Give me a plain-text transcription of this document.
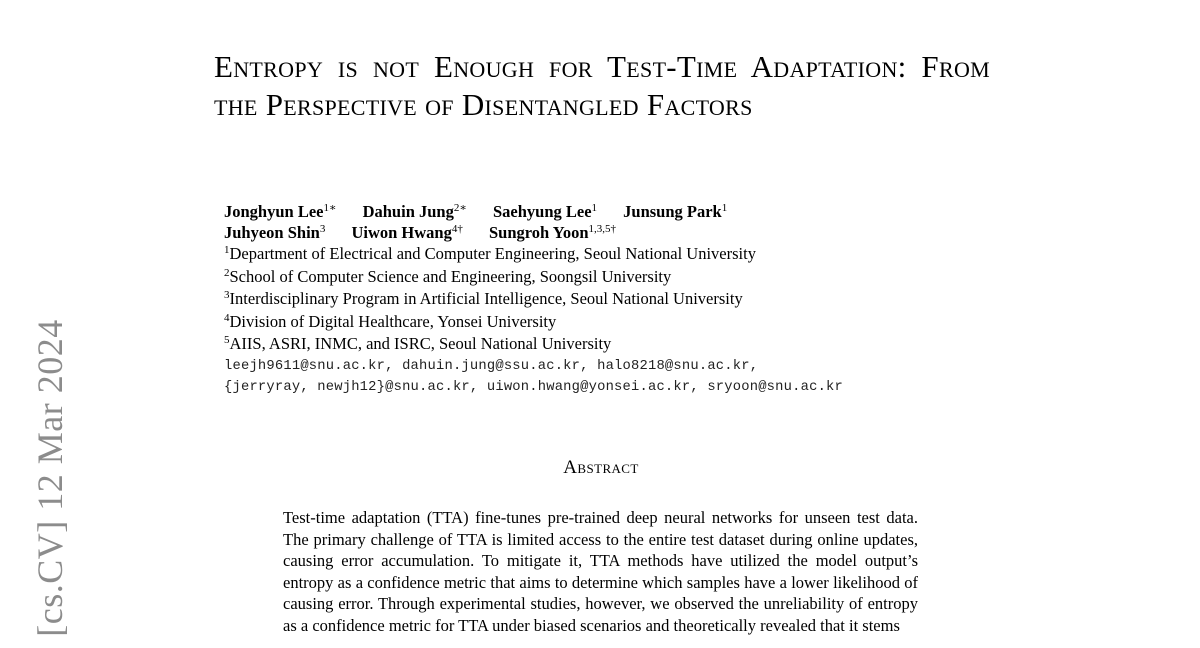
[cs.CV] 12 Mar 2024
Entropy is not Enough for Test-Time Adaptation: From the Perspective of Disentangled Factors
Jonghyun Lee$^{1∗}$ Dahuin Jung$^{2∗}$ Saehyung Lee$^1$ Junsung Park$^1$
Juhyeon Shin$^3$ Uiwon Hwang$^{4\dagger}$ Sungroh Yoon$^{1,3,5\dagger}$
$^1$Department of Electrical and Computer Engineering, Seoul National University
$^2$School of Computer Science and Engineering, Soongsil University
$^3$Interdisciplinary Program in Artificial Intelligence, Seoul National University
$^4$Division of Digital Healthcare, Yonsei University
$^5$AIIS, ASRI, INMC, and ISRC, Seoul National University
leejh9611@snu.ac.kr, dahuin.jung@ssu.ac.kr, halo8218@snu.ac.kr,
{jerryray, newjh12}@snu.ac.kr, uiwon.hwang@yonsei.ac.kr, sryoon@snu.ac.kr
Abstract

Test-time adaptation (TTA) fine-tunes pre-trained deep neural networks for unseen test data. The primary challenge of TTA is limited access to the entire test dataset during online updates, causing error accumulation. To mitigate it, TTA methods have utilized the model output’s entropy as a confidence metric that aims to determine which samples have a lower likelihood of causing error. Through experimental studies, however, we observed the unreliability of entropy as a confidence metric for TTA under biased scenarios and theoretically revealed that it stems
